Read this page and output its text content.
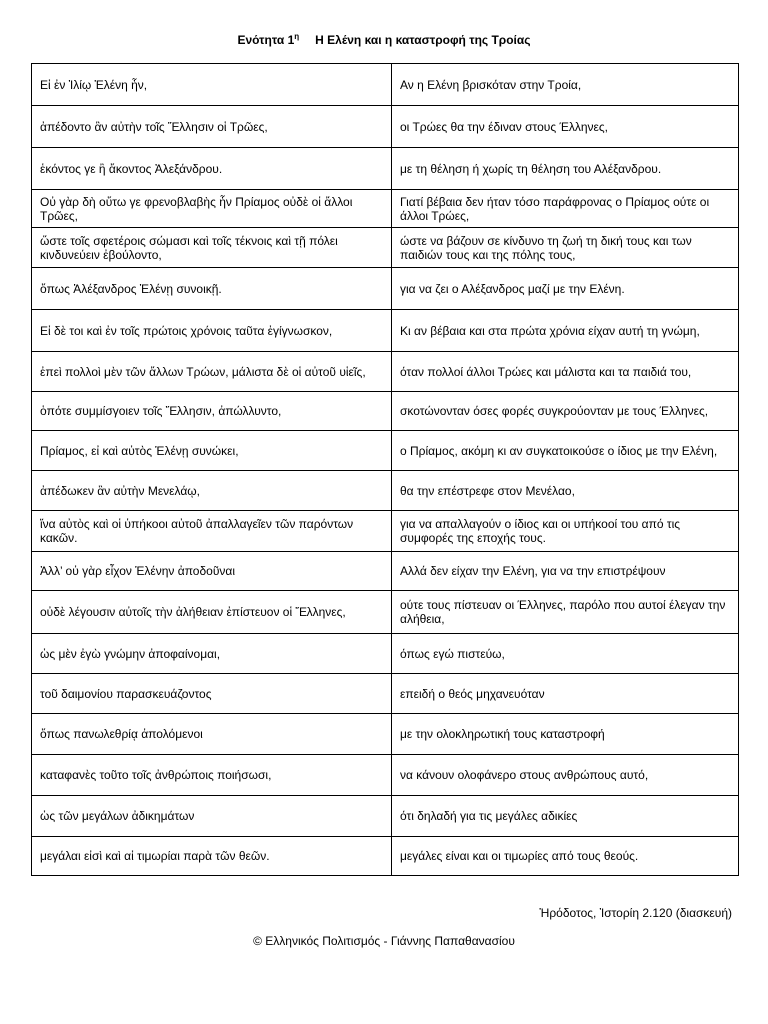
Ενότητα $1^\eta$ Η Ελένη και η καταστροφή της Τροίας
Εἰ ἐν Ἰλίῳ Ἑλένη ἦν,	Αν η Ελένη βρισκόταν στην Τροία,
ἀπέδοντο ἂν αὐτὴν τοῖς Ἕλλησιν οἱ Τρῶες,	οι Τρώες θα την έδιναν στους Έλληνες,
ἑκόντος γε ἢ ἄκοντος Ἀλεξάνδρου.	με τη θέληση ή χωρίς τη θέληση του Αλέξανδρου.
Οὐ γὰρ δὴ οὕτω γε φρενοβλαβὴς ἦν Πρίαμος οὐδὲ οἱ ἄλλοι Τρῶες,	Γιατί βέβαια δεν ήταν τόσο παράφρονας ο Πρίαμος ούτε οι άλλοι Τρώες,
ὥστε τοῖς σφετέροις σώμασι καὶ τοῖς τέκνοις καὶ τῇ πόλει κινδυνεύειν ἐβούλοντο,	ώστε να βάζουν σε κίνδυνο τη ζωή τη δική τους και των παιδιών τους και της πόλης τους,
ὅπως Ἀλέξανδρος Ἑλένῃ συνοικῇ.	για να ζει ο Αλέξανδρος μαζί με την Ελένη.
Εἰ δὲ τοι καὶ ἐν τοῖς πρώτοις χρόνοις ταῦτα ἐγίγνωσκον,	Κι αν βέβαια και στα πρώτα χρόνια είχαν αυτή τη γνώμη,
ἐπεὶ πολλοὶ μὲν τῶν ἄλλων Τρώων, μάλιστα δὲ οἱ αὐτοῦ υἱεῖς,	όταν πολλοί άλλοι Τρώες και μάλιστα και τα παιδιά του,
ὁπότε συμμίσγοιεν τοῖς Ἕλλησιν, ἀπώλλυντο,	σκοτώνονταν όσες φορές συγκρούονταν με τους Έλληνες,
Πρίαμος, εἰ καὶ αὐτὸς Ἑλένῃ συνώκει,	ο Πρίαμος, ακόμη κι αν συγκατοικούσε ο ίδιος με την Ελένη,
ἀπέδωκεν ἂν αὐτὴν Μενελάῳ,	θα την επέστρεφε στον Μενέλαο,
ἵνα αὐτὸς καὶ οἱ ὑπήκοοι αὐτοῦ ἀπαλλαγεῖεν τῶν παρόντων κακῶν.	για να απαλλαγούν ο ίδιος και οι υπήκοοί του από τις συμφορές της εποχής τους.
Ἀλλ’ οὐ γὰρ εἶχον Ἑλένην ἀποδοῦναι	Αλλά δεν είχαν την Ελένη, για να την επιστρέψουν
οὐδὲ λέγουσιν αὐτοῖς τὴν ἀλήθειαν ἐπίστευον οἱ Ἕλληνες,	ούτε τους πίστευαν οι Έλληνες, παρόλο που αυτοί έλεγαν την αλήθεια,
ὡς μὲν ἐγὼ γνώμην ἀποφαίνομαι,	όπως εγώ πιστεύω,
τοῦ δαιμονίου παρασκευάζοντος	επειδή ο θεός μηχανευόταν
ὅπως πανωλεθρίᾳ ἀπολόμενοι	με την ολοκληρωτική τους καταστροφή
καταφανὲς τοῦτο τοῖς ἀνθρώποις ποιήσωσι,	να κάνουν ολοφάνερο στους ανθρώπους αυτό,
ὡς τῶν μεγάλων ἀδικημάτων	ότι δηλαδή για τις μεγάλες αδικίες
μεγάλαι εἰσὶ καὶ αἱ τιμωρίαι παρὰ τῶν θεῶν.	μεγάλες είναι και οι τιμωρίες από τους θεούς.
Ἡρόδοτος, Ἱστορίη 2.120 (διασκευή)
© Ελληνικός Πολιτισμός - Γιάννης Παπαθανασίου
